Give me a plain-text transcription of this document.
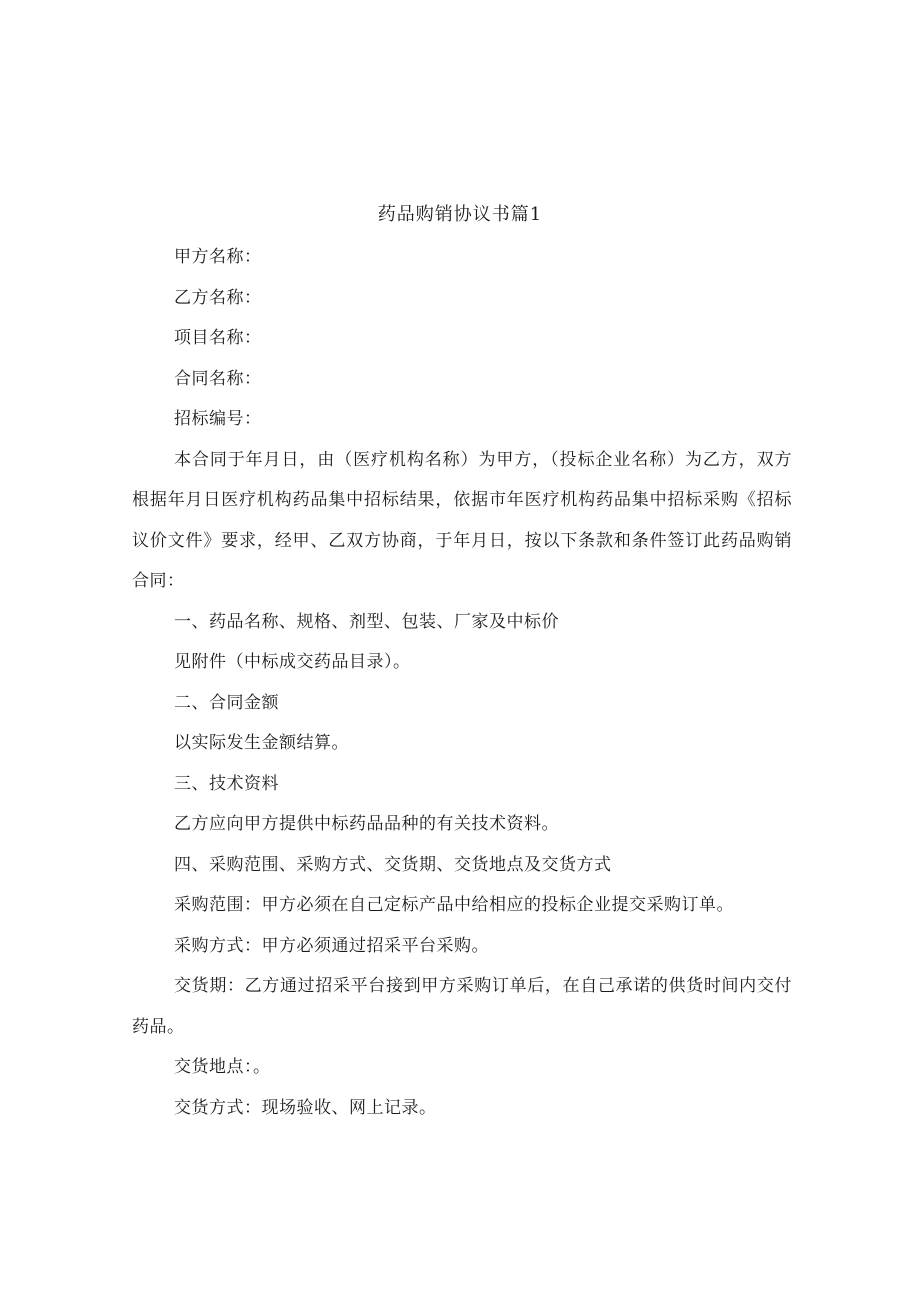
药品购销协议书篇1

甲方名称：

乙方名称：

项目名称：

合同名称：

招标编号：

本合同于年月日，由（医疗机构名称）为甲方，（投标企业名称）为乙方，双方根据年月日医疗机构药品集中招标结果，依据市年医疗机构药品集中招标采购《招标议价文件》要求，经甲、乙双方协商，于年月日，按以下条款和条件签订此药品购销合同：

一、药品名称、规格、剂型、包装、厂家及中标价

见附件（中标成交药品目录）。

二、合同金额

以实际发生金额结算。

三、技术资料

乙方应向甲方提供中标药品品种的有关技术资料。

四、采购范围、采购方式、交货期、交货地点及交货方式

采购范围：甲方必须在自己定标产品中给相应的投标企业提交采购订单。

采购方式：甲方必须通过招采平台采购。

交货期：乙方通过招采平台接到甲方采购订单后，在自己承诺的供货时间内交付药品。

交货地点：。

交货方式：现场验收、网上记录。
